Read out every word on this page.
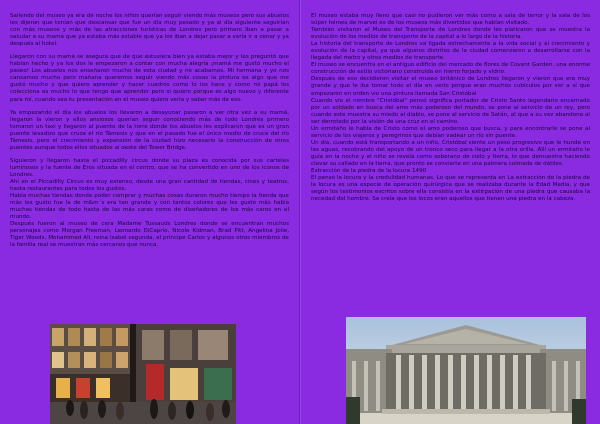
Saliendo del museo ya era de noche los niños querían seguir viendo más museos pero sus abuelos les dijeron que tenían que descansar que fue un día muy pesado y ya al día siguiente seguirían con más museos y más de las atracciones turísticas de Londres pero primero Iban a pasar a saludar a su mamá que ya estaba más estable que ya los iban a dejar pasar a verla ir a cenar y ya después al hotel.

Llegaron con su mamá se asegura que de que estuviera bien ya estaba mejor y les preguntó que habían hecho y ya los dos le empezaron a contar con mucha alegría ¡mamá me gustó mucho el paseo! Los abuelos nos enseñaron mucho de esta ciudad y no acabamos. Mi hermana y yo nos cansamos mucho pero mañana queremos seguir viendo más cosas la pintura es algo que me gustó mucho y que quiero aprender y hacer cuadros como lo los hace y como mi papá los colecciona es mucho lo que tengo que aprender pero si quiero porque es algo nuevo y diferente para mí, cuando sea tu presentación en el museo quiero verla y saber más de eso.

Ya empezando el día los abuelos los llevaron a desayunar pasaron a ver otra vez a su mamá, llegaron la vieron y ellos ansiosos querían seguir conociendo más de todo Londres primero tomaron un taxi y llegaron al puente de la torre donde los abuelos les explicaron que es un gran puente levadizo que cruza el río Támesis y que en el pasado fue el único medio de cruce del río Támesis, pero el crecimiento y expansión de la ciudad hizo necesario la construcción de otros puentes aunque todos ellos situados al oeste del Tower Bridge.

Siguieron y llegaron hasta el piccadilly circus donde su plaza es conocida por sus carteles luminosos y la fuente de Eros situada en el centro, que se ha convertido en uno de los iconos de Londres.

Ahí en el Piccadilly Circus es muy extenso, desde una gran cantidad de tiendas, cines y teatros, hasta restaurantes para todos los gustos.

Había muchas tiendas donde poder comprar y muchas cosas duraron mucho tiempo la tienda que más les gusto fue la de m&m´s era tan grande y con tantos colores que les gustó más había muchas tiendas de todo hasta de las más caras como de diseñadores de los más caros en el mundo.

Después fueron al museo de cera Madame Tussauds Londres donde se encuentran muchos personajes como Morgan Freeman, Leonardo DiCaprio, Nicole Kidman, Brad Pitt, Angelina Jolie, Tiger Woods, Mohammed Ali, reina Isabel segunda, el príncipe Carlos y algunos otros miembros de la familia real se muestran más cercanos que nunca.

El museo estaba muy lleno que casi no pudieron ver más como a sala de terror y la sala de los súper héroes de marvel es de los museos más divertidos que habían visitado.

También visitaron el Museo del Transporte de Londres donde les platicaron que se muestra la evolución de los medios de transporte de la capital a lo largo de la historia.

La historia del transporte de Londres va ligada estrechamente a la vida social y al crecimiento y evolución de la capital, ya que algunos distritos de la ciudad comenzaron a desarrollarse con la llegada del metro y otros medios de transporte.

El museo se encuentra en el antiguo edificio del mercado de flores de Covent Garden, una enorme construcción de estilo victoriano construida en hierro forjado y vidrio.

Después de eso decidieron visitar el museo británico de Londres llegaron y vieron que era muy grande y que le iba tomar todo el día en verlo porque eran muchos cubículos por ver a sí que empezaron en orden vio una pintura llamada San Cristóbal

Cuando vio el nombre "Cristóbal" pensó significa portador de Cristo Santo legendario encarnado por un soldado en busca del amo más poderoso del mundo, se pone al servicio de un rey, pero cuando este muestra su miedo al diablo, se pone al servicio de Satán, al que a su vez abandona al ser derrotado por la visión de una cruz en el camino.

Un ermitaño le habla de Cristo como el amo poderoso que busca, y para encontrarle se pone al servicio de los viajeros y peregrinos que debían vadear un río sin puente.

Un día, cuando está transportando a un niño, Cristóbal siente un peso progresivo que le hunde en las aguas, recobrando del apoyo de un tronco seco para llegar a la otra orilla. Allí un ermitaño le guía en la noche y el niño se revela como soberano de cielo y tierra, lo que demuestra haciendo clavar su callado en la tierra, que pronto se convierte en una palmera colmada de dátiles.

Extracción de la piedra de la locura 1490

El pensó la locura y la credulidad humanas. Lo que se representa en La extracción de la piedra de la locura es una especie de operación quirúrgica que se realizaba durante la Edad Media, y que según los testimonios escritos sobre ella consistía en la extirpación de una piedra que causaba la necedad del hombre. Se creía que los locos eran aquellos que tienen una piedra en la cabeza.
